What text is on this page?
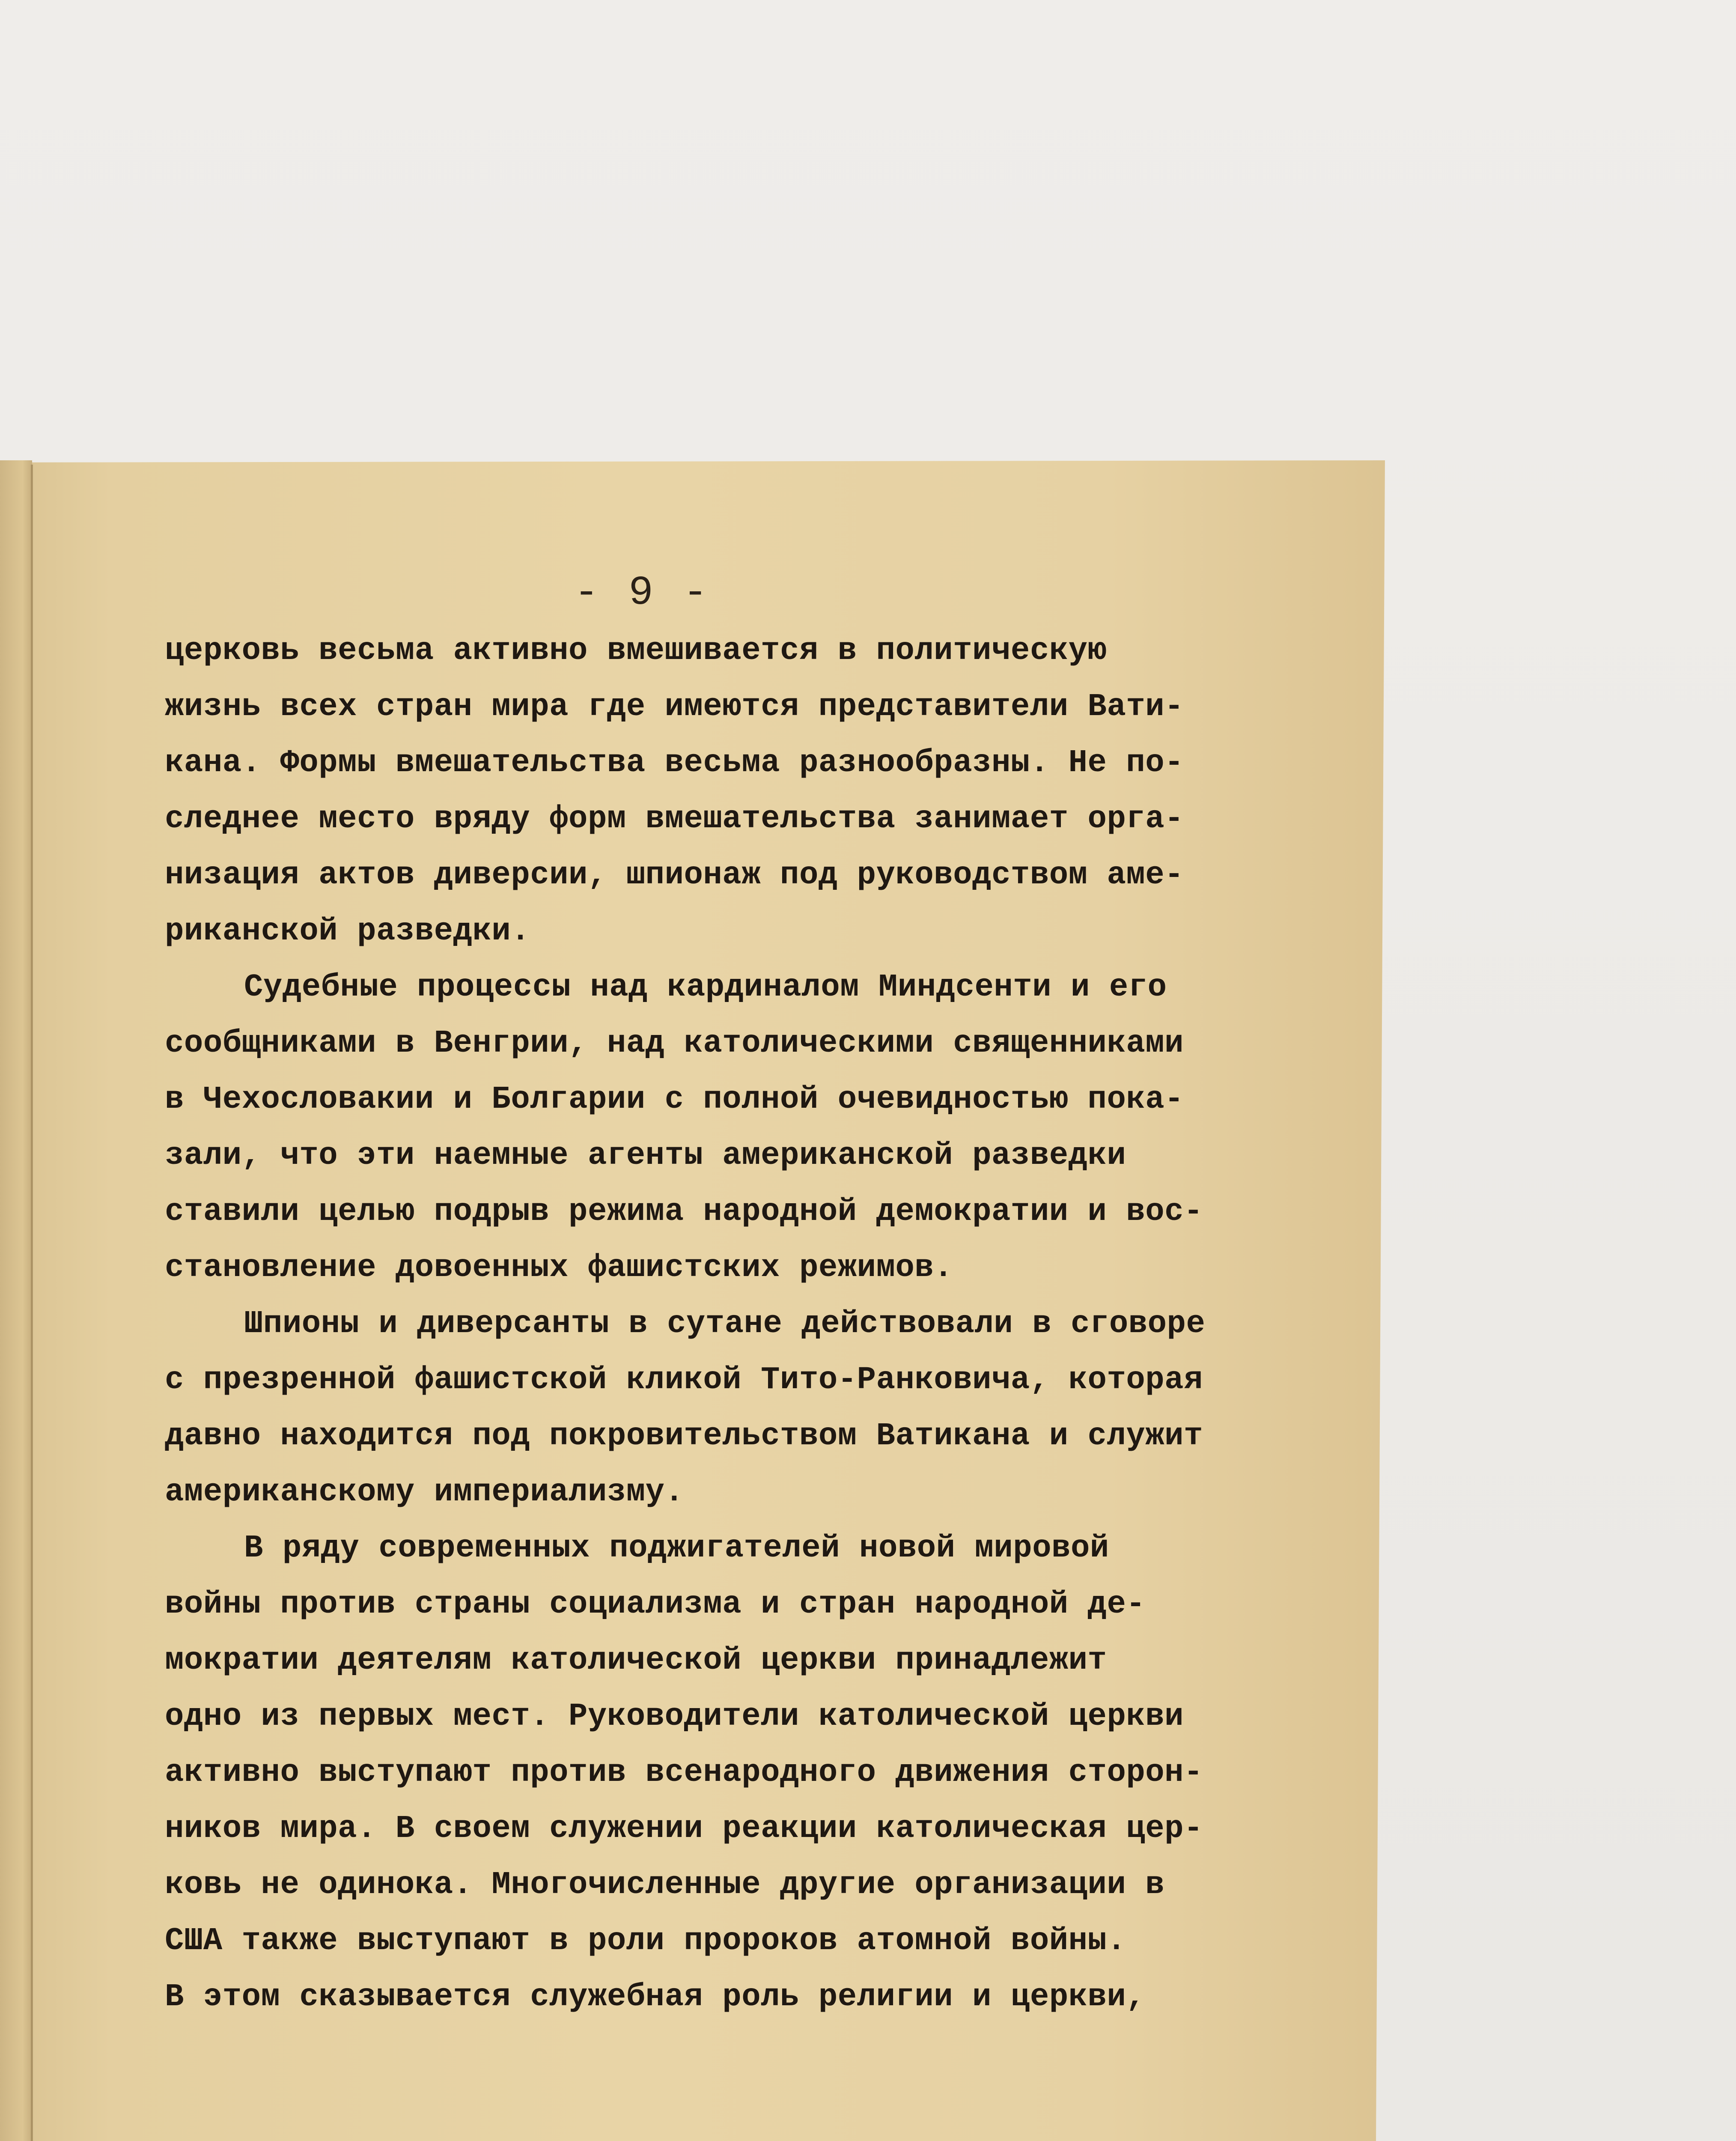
- 9 -
церковь весьма активно вмешивается в политическую
жизнь всех стран мира где имеются представители Вати-
кана. Формы вмешательства весьма разнообразны. Не по-
следнее место вряду форм вмешательства занимает орга-
низация актов диверсии, шпионаж под руководством аме-
риканской разведки.
Судебные процессы над кардиналом Миндсенти и его
сообщниками в Венгрии, над католическими священниками
в Чехословакии и Болгарии с полной очевидностью пока-
зали, что эти наемные агенты американской разведки
ставили целью подрыв режима народной демократии и вос-
становление довоенных фашистских режимов.
Шпионы и диверсанты в сутане действовали в сговоре
с презренной фашистской кликой Тито-Ранковича, которая
давно находится под покровительством Ватикана и служит
американскому империализму.
В ряду современных поджигателей новой мировой
войны против страны социализма и стран народной де-
мократии деятелям католической церкви принадлежит
одно из первых мест. Руководители католической церкви
активно выступают против всенародного движения сторон-
ников мира. В своем служении реакции католическая цер-
ковь не одинока. Многочисленные другие организации в
США также выступают в роли пророков атомной войны.
В этом сказывается служебная роль религии и церкви,
